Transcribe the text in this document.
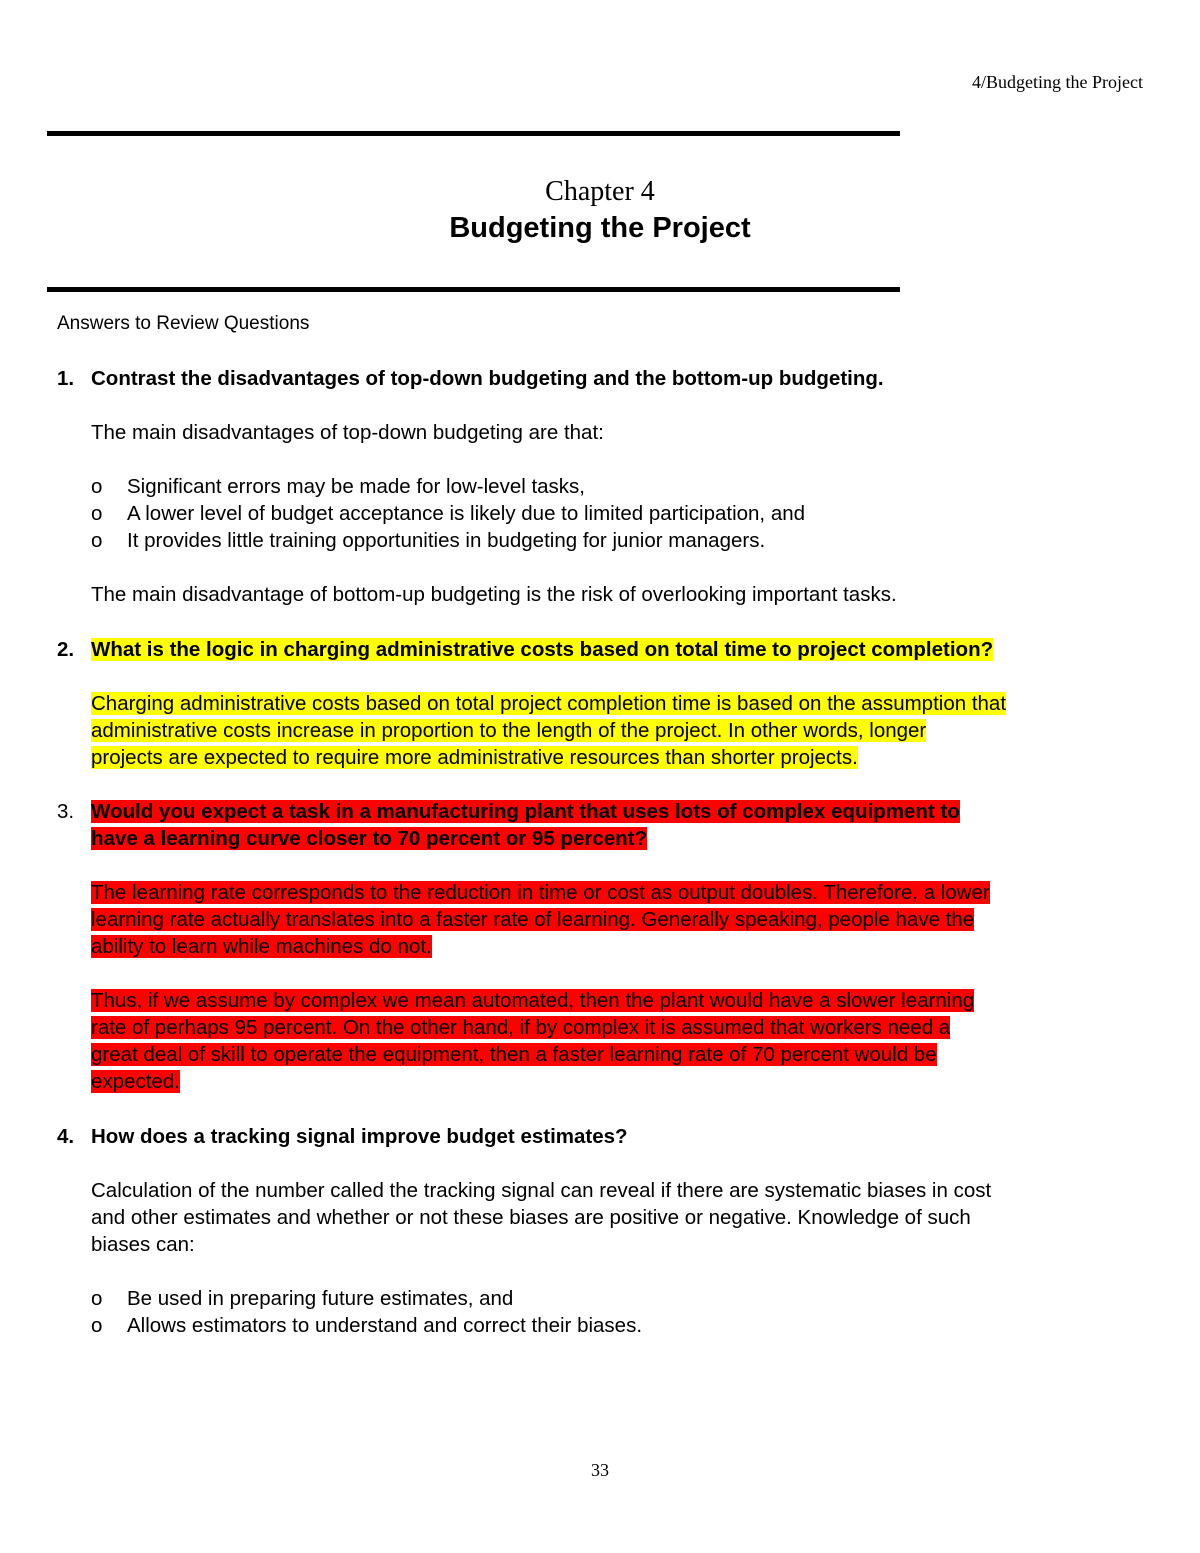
4/Budgeting the Project
Chapter 4
Budgeting the Project
Answers to Review Questions
1. Contrast the disadvantages of top-down budgeting and the bottom-up budgeting.
The main disadvantages of top-down budgeting are that:
o	Significant errors may be made for low-level tasks,
o	A lower level of budget acceptance is likely due to limited participation, and
o	It provides little training opportunities in budgeting for junior managers.
The main disadvantage of bottom-up budgeting is the risk of overlooking important tasks.
2. What is the logic in charging administrative costs based on total time to project completion?
Charging administrative costs based on total project completion time is based on the assumption that
administrative costs increase in proportion to the length of the project. In other words, longer
projects are expected to require more administrative resources than shorter projects.
3. Would you expect a task in a manufacturing plant that uses lots of complex equipment to
have a learning curve closer to 70 percent or 95 percent?
The learning rate corresponds to the reduction in time or cost as output doubles. Therefore, a lower
learning rate actually translates into a faster rate of learning. Generally speaking, people have the
ability to learn while machines do not.
Thus, if we assume by complex we mean automated, then the plant would have a slower learning
rate of perhaps 95 percent. On the other hand, if by complex it is assumed that workers need a
great deal of skill to operate the equipment, then a faster learning rate of 70 percent would be
expected.
4. How does a tracking signal improve budget estimates?
Calculation of the number called the tracking signal can reveal if there are systematic biases in cost
and other estimates and whether or not these biases are positive or negative. Knowledge of such
biases can:
o	Be used in preparing future estimates, and
o	Allows estimators to understand and correct their biases.
33
